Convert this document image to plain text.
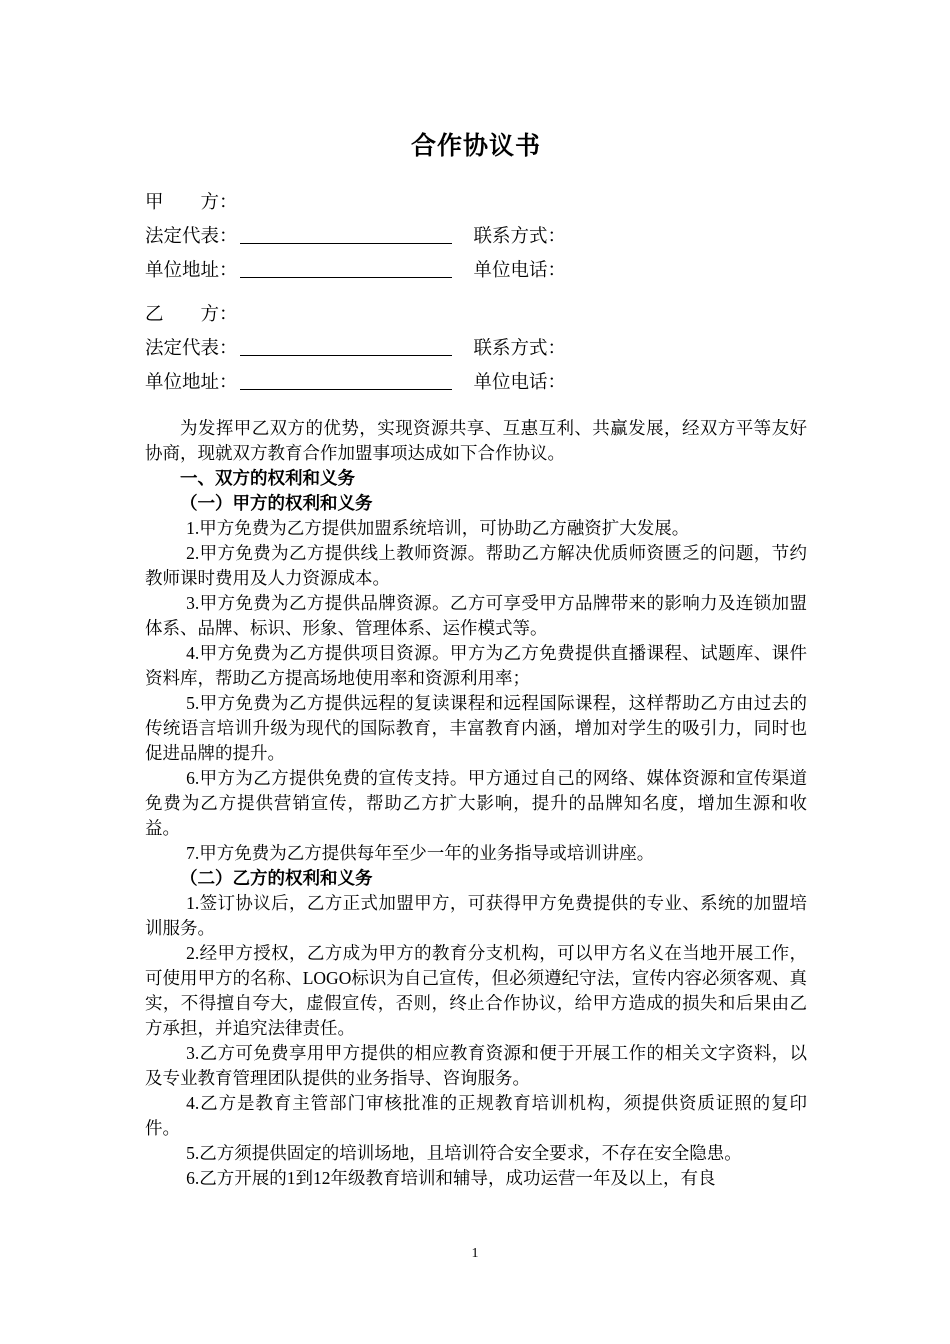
合作协议书
甲　　方：
法定代表：	联系方式：
单位地址：	单位电话：
乙　　方：
法定代表：	联系方式：
单位地址：	单位电话：

为发挥甲乙双方的优势，实现资源共享、互惠互利、共赢发展，经双方平等友好协商，现就双方教育合作加盟事项达成如下合作协议。

一、双方的权利和义务

（一）甲方的权利和义务

1.甲方免费为乙方提供加盟系统培训，可协助乙方融资扩大发展。

2.甲方免费为乙方提供线上教师资源。帮助乙方解决优质师资匮乏的问题，节约教师课时费用及人力资源成本。

3.甲方免费为乙方提供品牌资源。乙方可享受甲方品牌带来的影响力及连锁加盟体系、品牌、标识、形象、管理体系、运作模式等。

4.甲方免费为乙方提供项目资源。甲方为乙方免费提供直播课程、试题库、课件资料库，帮助乙方提高场地使用率和资源利用率；

5.甲方免费为乙方提供远程的复读课程和远程国际课程，这样帮助乙方由过去的传统语言培训升级为现代的国际教育，丰富教育内涵，增加对学生的吸引力，同时也促进品牌的提升。

6.甲方为乙方提供免费的宣传支持。甲方通过自己的网络、媒体资源和宣传渠道免费为乙方提供营销宣传，帮助乙方扩大影响，提升的品牌知名度，增加生源和收益。

7.甲方免费为乙方提供每年至少一年的业务指导或培训讲座。

（二）乙方的权利和义务

1.签订协议后，乙方正式加盟甲方，可获得甲方免费提供的专业、系统的加盟培训服务。

2.经甲方授权，乙方成为甲方的教育分支机构，可以甲方名义在当地开展工作，可使用甲方的名称、LOGO标识为自己宣传，但必须遵纪守法，宣传内容必须客观、真实，不得擅自夸大，虚假宣传，否则，终止合作协议，给甲方造成的损失和后果由乙方承担，并追究法律责任。

3.乙方可免费享用甲方提供的相应教育资源和便于开展工作的相关文字资料，以及专业教育管理团队提供的业务指导、咨询服务。

4.乙方是教育主管部门审核批准的正规教育培训机构，须提供资质证照的复印件。

5.乙方须提供固定的培训场地，且培训符合安全要求，不存在安全隐患。

6.乙方开展的1到12年级教育培训和辅导，成功运营一年及以上，有良

1
